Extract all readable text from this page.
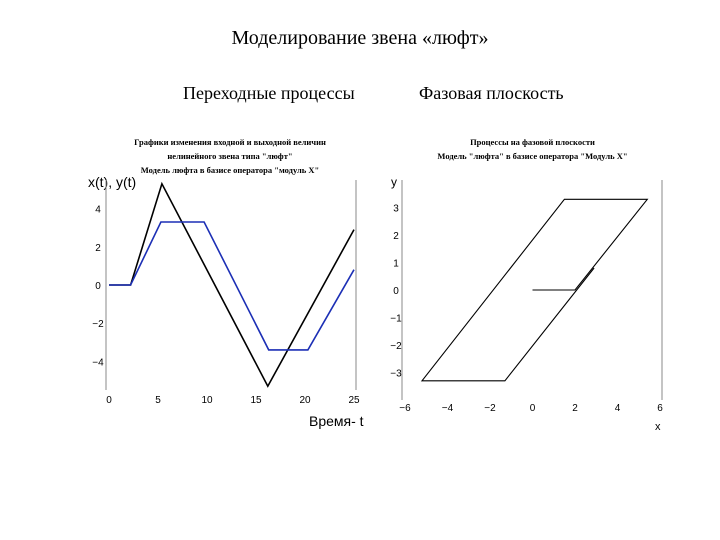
Моделирование звена «люфт»
Переходные процессы	Фазовая плоскость
Графики изменения входной и выходной величин
нелинейного звена типа "люфт"
Модель люфта в базисе оператора "модуль X"
Процессы на фазовой плоскости
Модель "люфта" в базисе оператора "Модуль X"
x(t), y(t)
Время- t
y
x
4
2
0
−2
−4
0	5	10	15	20	25
3
2
1
0
−1
−2
−3
−6	−4	−2	0	2	4	6
